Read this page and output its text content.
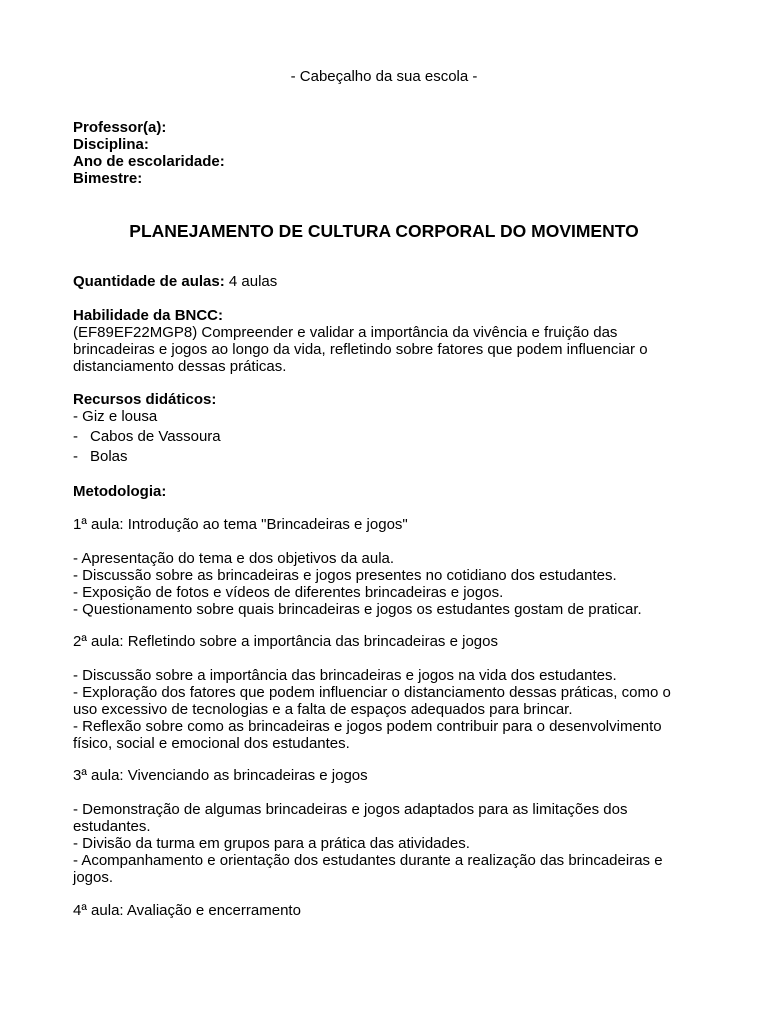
- Cabeçalho da sua escola -
Professor(a):
Disciplina:
Ano de escolaridade:
Bimestre:
PLANEJAMENTO DE CULTURA CORPORAL DO MOVIMENTO
Quantidade de aulas: 4 aulas
Habilidade da BNCC:

(EF89EF22MGP8) Compreender e validar a importância da vivência e fruição das brincadeiras e jogos ao longo da vida, refletindo sobre fatores que podem influenciar o distanciamento dessas práticas.

Recursos didáticos:
- Giz e lousa
- Cabos de Vassoura
- Bolas
Metodologia:
1ª aula: Introdução ao tema "Brincadeiras e jogos"
- Apresentação do tema e dos objetivos da aula.
- Discussão sobre as brincadeiras e jogos presentes no cotidiano dos estudantes.
- Exposição de fotos e vídeos de diferentes brincadeiras e jogos.
- Questionamento sobre quais brincadeiras e jogos os estudantes gostam de praticar.
2ª aula: Refletindo sobre a importância das brincadeiras e jogos
- Discussão sobre a importância das brincadeiras e jogos na vida dos estudantes.
- Exploração dos fatores que podem influenciar o distanciamento dessas práticas, como o uso excessivo de tecnologias e a falta de espaços adequados para brincar.
- Reflexão sobre como as brincadeiras e jogos podem contribuir para o desenvolvimento físico, social e emocional dos estudantes.
3ª aula: Vivenciando as brincadeiras e jogos
- Demonstração de algumas brincadeiras e jogos adaptados para as limitações dos estudantes.
- Divisão da turma em grupos para a prática das atividades.
- Acompanhamento e orientação dos estudantes durante a realização das brincadeiras e jogos.
4ª aula: Avaliação e encerramento
